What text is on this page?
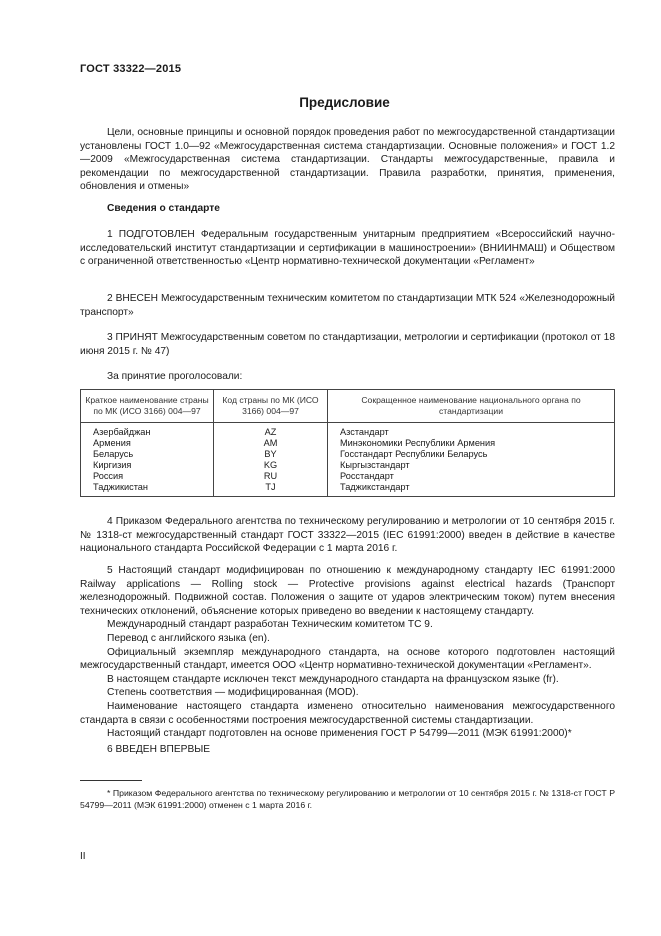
ГОСТ 33322—2015
Предисловие

Цели, основные принципы и основной порядок проведения работ по межгосударственной стандартизации установлены ГОСТ 1.0—92 «Межгосударственная система стандартизации. Основные положения» и ГОСТ 1.2—2009 «Межгосударственная система стандартизации. Стандарты межгосударственные, правила и рекомендации по межгосударственной стандартизации. Правила разработки, принятия, применения, обновления и отмены»

Сведения о стандарте

1 ПОДГОТОВЛЕН Федеральным государственным унитарным предприятием «Всероссийский научно-исследовательский институт стандартизации и сертификации в машиностроении» (ВНИИНМАШ) и Обществом с ограниченной ответственностью «Центр нормативно-технической документации «Регламент»

2 ВНЕСЕН Межгосударственным техническим комитетом по стандартизации МТК 524 «Железнодорожный транспорт»

3 ПРИНЯТ Межгосударственным советом по стандартизации, метрологии и сертификации (протокол от 18 июня 2015 г. № 47)

За принятие проголосовали:

Краткое наименование страны по МК (ИСО 3166) 004—97	Код страны по МК (ИСО 3166) 004—97	Сокращенное наименование национального органа по стандартизации
Азербайджан	AZ	Азстандарт
Армения	AM	Минэкономики Республики Армения
Беларусь	BY	Госстандарт Республики Беларусь
Киргизия	KG	Кыргызстандарт
Россия	RU	Росстандарт
Таджикистан	TJ	Таджикстандарт

4 Приказом Федерального агентства по техническому регулированию и метрологии от 10 сентября 2015 г. № 1318-ст межгосударственный стандарт ГОСТ 33322—2015 (IEC 61991:2000) введен в действие в качестве национального стандарта Российской Федерации с 1 марта 2016 г.

5 Настоящий стандарт модифицирован по отношению к международному стандарту IEC 61991:2000 Railway applications — Rolling stock — Protective provisions against electrical hazards (Транспорт железнодорожный. Подвижной состав. Положения о защите от ударов электрическим током) путем внесения технических отклонений, объяснение которых приведено во введении к настоящему стандарту.

Международный стандарт разработан Техническим комитетом ТС 9.

Перевод с английского языка (en).

Официальный экземпляр международного стандарта, на основе которого подготовлен настоящий межгосударственный стандарт, имеется ООО «Центр нормативно-технической документации «Регламент».

В настоящем стандарте исключен текст международного стандарта на французском языке (fr).

Степень соответствия — модифицированная (MOD).

Наименование настоящего стандарта изменено относительно наименования межгосударственного стандарта в связи с особенностями построения межгосударственной системы стандартизации.

Настоящий стандарт подготовлен на основе применения ГОСТ Р 54799—2011 (МЭК 61991:2000)*

6 ВВЕДЕН ВПЕРВЫЕ

* Приказом Федерального агентства по техническому регулированию и метрологии от 10 сентября 2015 г. № 1318-ст ГОСТ Р 54799—2011 (МЭК 61991:2000) отменен с 1 марта 2016 г.
II
